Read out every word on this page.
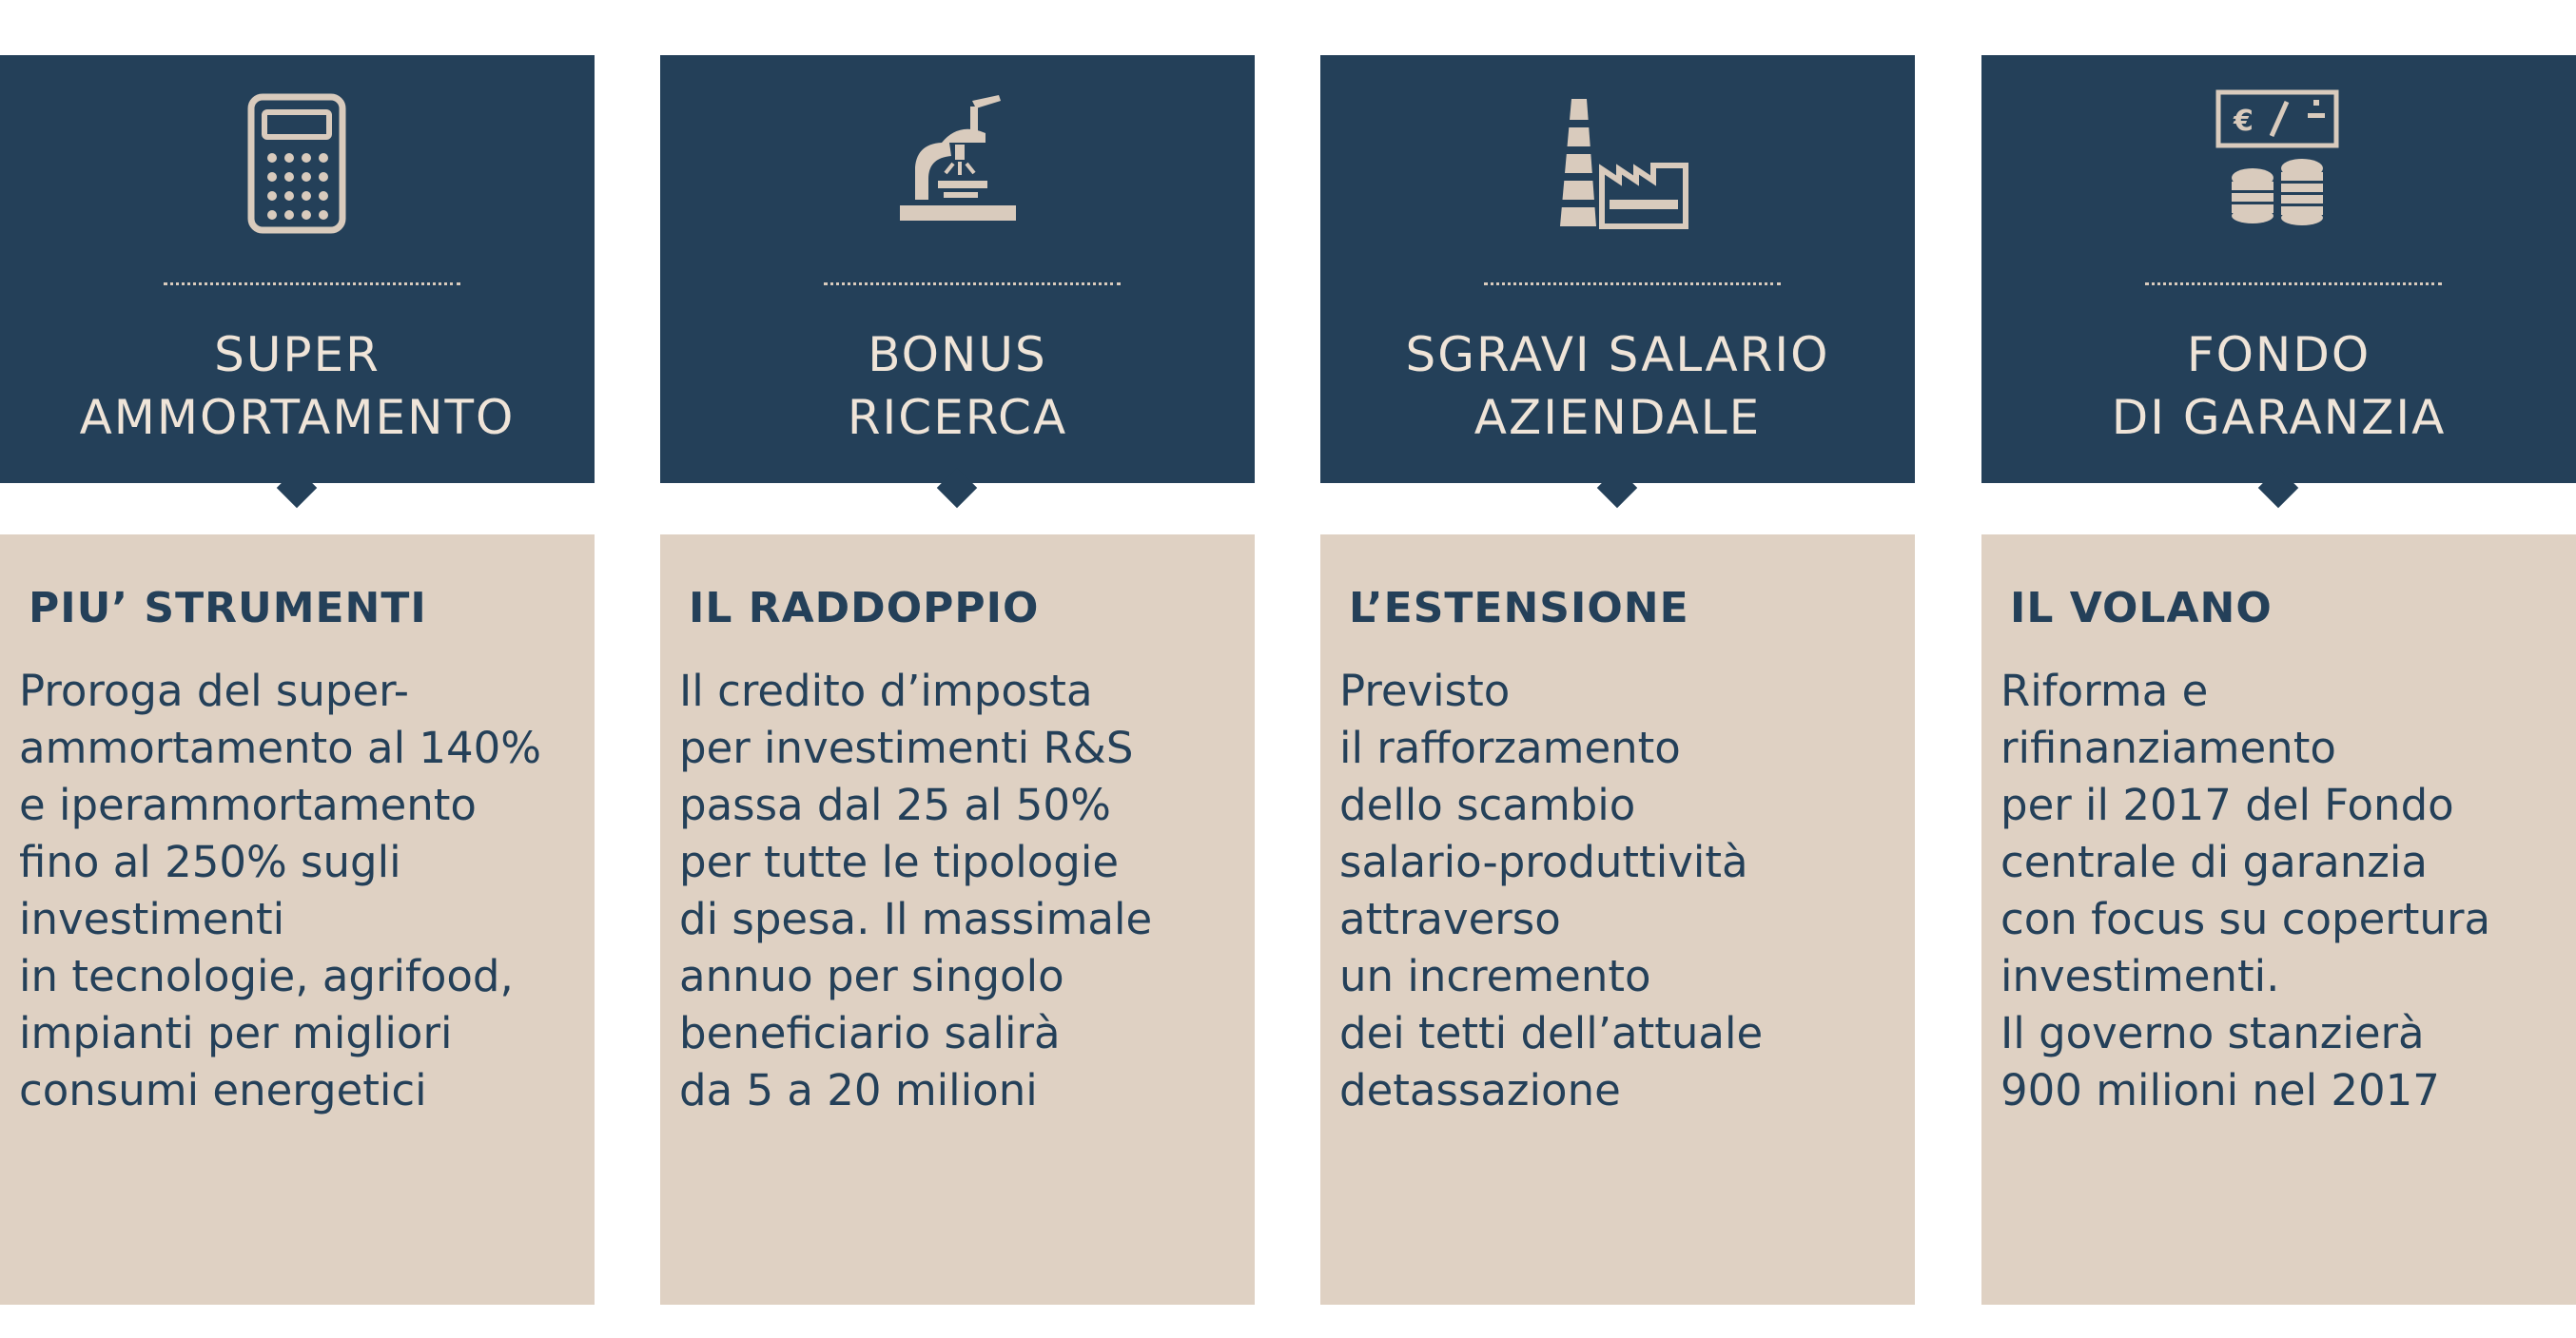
SUPER
AMMORTAMENTO
PIU’ STRUMENTI
Proroga del super-
ammortamento al 140%
e iperammortamento
fino al 250% sugli
investimenti
in tecnologie, agrifood,
impianti per migliori
consumi energetici
BONUS
RICERCA
IL RADDOPPIO
Il credito d’imposta
per investimenti R&S
passa dal 25 al 50%
per tutte le tipologie
di spesa. Il massimale
annuo per singolo
beneficiario salirà
da 5 a 20 milioni
SGRAVI SALARIO
AZIENDALE
L’ESTENSIONE
Previsto
il rafforzamento
dello scambio
salario-produttività
attraverso
un incremento
dei tetti dell’attuale
detassazione
€
FONDO
DI GARANZIA
IL VOLANO
Riforma e
rifinanziamento
per il 2017 del Fondo
centrale di garanzia
con focus su copertura
investimenti.
Il governo stanzierà
900 milioni nel 2017
